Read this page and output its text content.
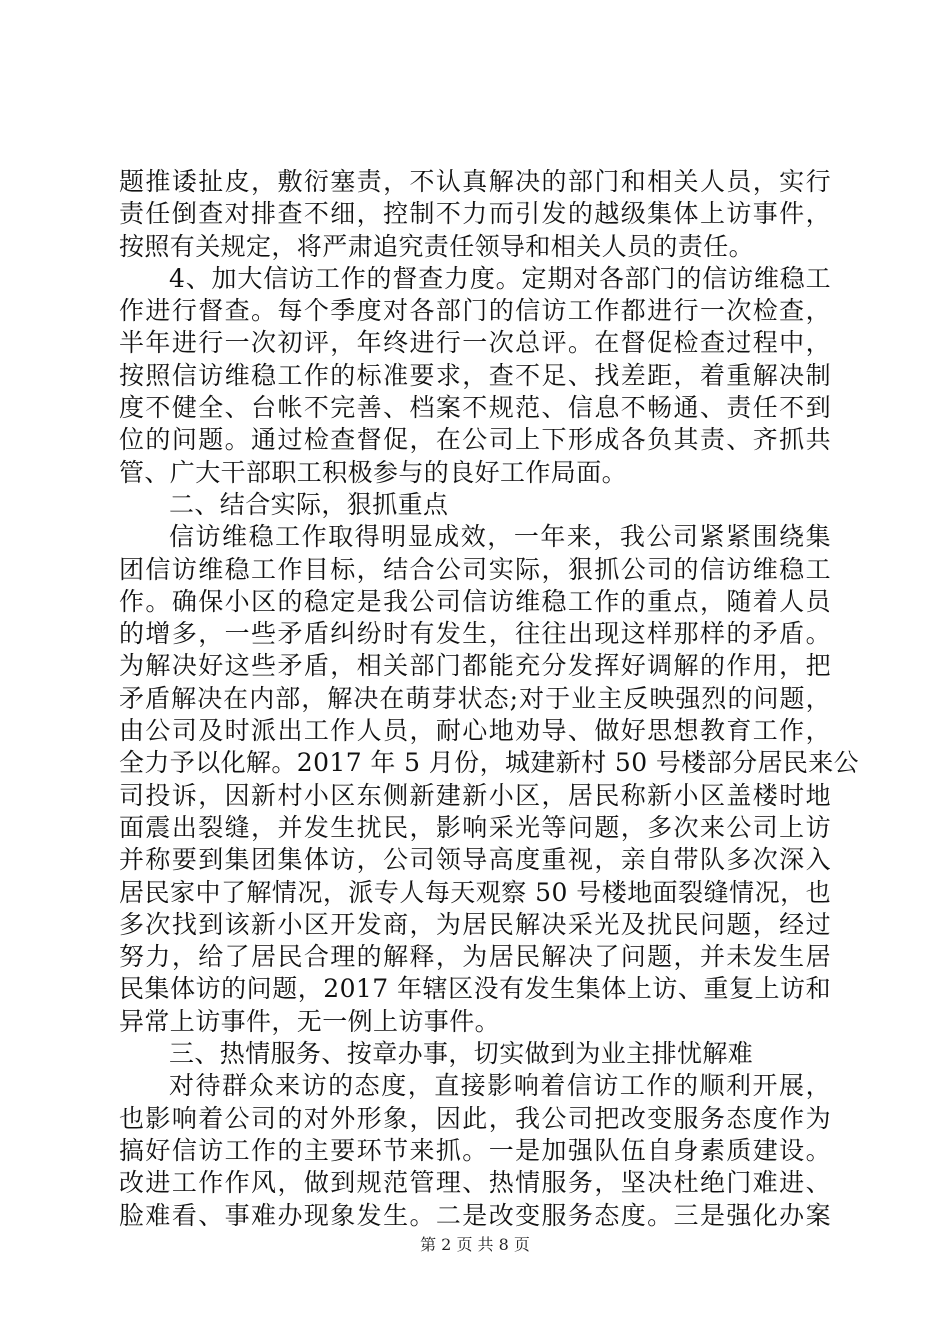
题推诿扯皮，敷衍塞责，不认真解决的部门和相关人员，实行
责任倒查对排查不细，控制不力而引发的越级集体上访事件，
按照有关规定，将严肃追究责任领导和相关人员的责任。
4、加大信访工作的督查力度。定期对各部门的信访维稳工
作进行督查。每个季度对各部门的信访工作都进行一次检查，
半年进行一次初评，年终进行一次总评。在督促检查过程中，
按照信访维稳工作的标准要求，查不足、找差距，着重解决制
度不健全、台帐不完善、档案不规范、信息不畅通、责任不到
位的问题。通过检查督促，在公司上下形成各负其责、齐抓共
管、广大干部职工积极参与的良好工作局面。
二、结合实际，狠抓重点
信访维稳工作取得明显成效，一年来，我公司紧紧围绕集
团信访维稳工作目标，结合公司实际，狠抓公司的信访维稳工
作。确保小区的稳定是我公司信访维稳工作的重点，随着人员
的增多，一些矛盾纠纷时有发生，往往出现这样那样的矛盾。
为解决好这些矛盾，相关部门都能充分发挥好调解的作用，把
矛盾解决在内部，解决在萌芽状态;对于业主反映强烈的问题，
由公司及时派出工作人员，耐心地劝导、做好思想教育工作，
全力予以化解。2017 年 5 月份，城建新村 50 号楼部分居民来公
司投诉，因新村小区东侧新建新小区，居民称新小区盖楼时地
面震出裂缝，并发生扰民，影响采光等问题，多次来公司上访
并称要到集团集体访，公司领导高度重视，亲自带队多次深入
居民家中了解情况，派专人每天观察 50 号楼地面裂缝情况，也
多次找到该新小区开发商，为居民解决采光及扰民问题，经过
努力，给了居民合理的解释，为居民解决了问题，并未发生居
民集体访的问题，2017 年辖区没有发生集体上访、重复上访和
异常上访事件，无一例上访事件。
三、热情服务、按章办事，切实做到为业主排忧解难
对待群众来访的态度，直接影响着信访工作的顺利开展，
也影响着公司的对外形象，因此，我公司把改变服务态度作为
搞好信访工作的主要环节来抓。一是加强队伍自身素质建设。
改进工作作风，做到规范管理、热情服务，坚决杜绝门难进、
脸难看、事难办现象发生。二是改变服务态度。三是强化办案
第 2 页 共 8 页
